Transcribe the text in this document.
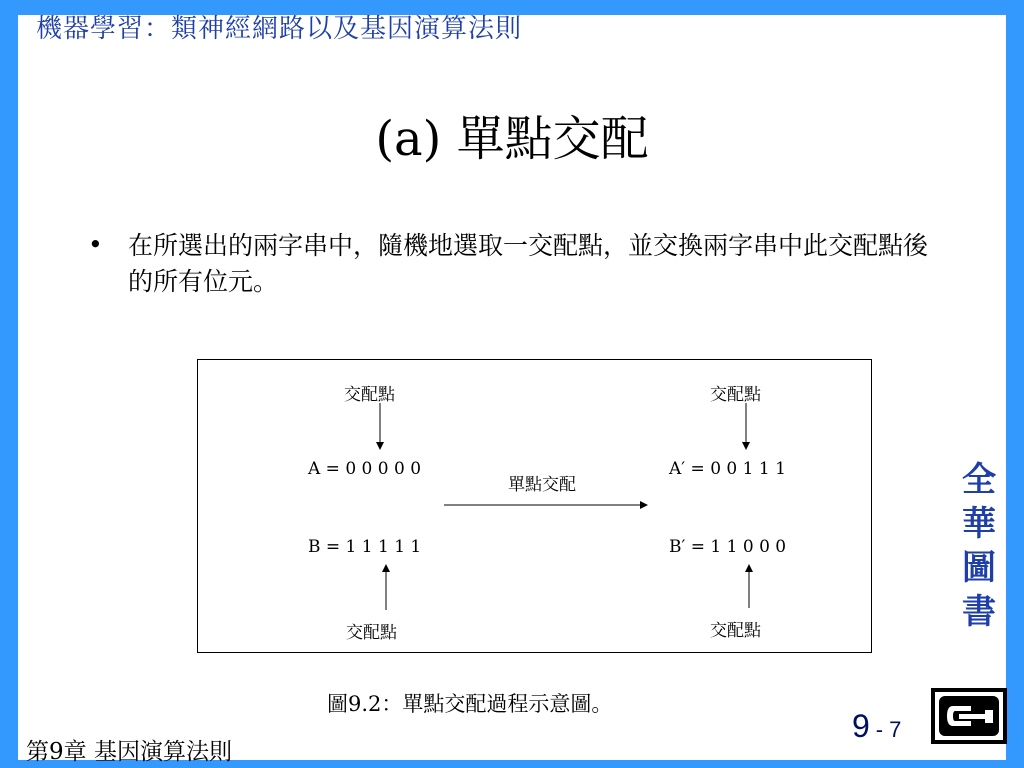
機器學習：類神經網路以及基因演算法則
(a) 單點交配
• 在所選出的兩字串中，隨機地選取一交配點，並交換兩字串中此交配點後的所有位元。
交配點	交配點
A = 0 0 0 0 0	A′ = 0 0 1 1 1
單點交配
B = 1 1 1 1 1	B′ = 1 1 0 0 0
交配點	交配點
圖9.2：單點交配過程示意圖。
全華圖書
9 - 7
第9章 基因演算法則
